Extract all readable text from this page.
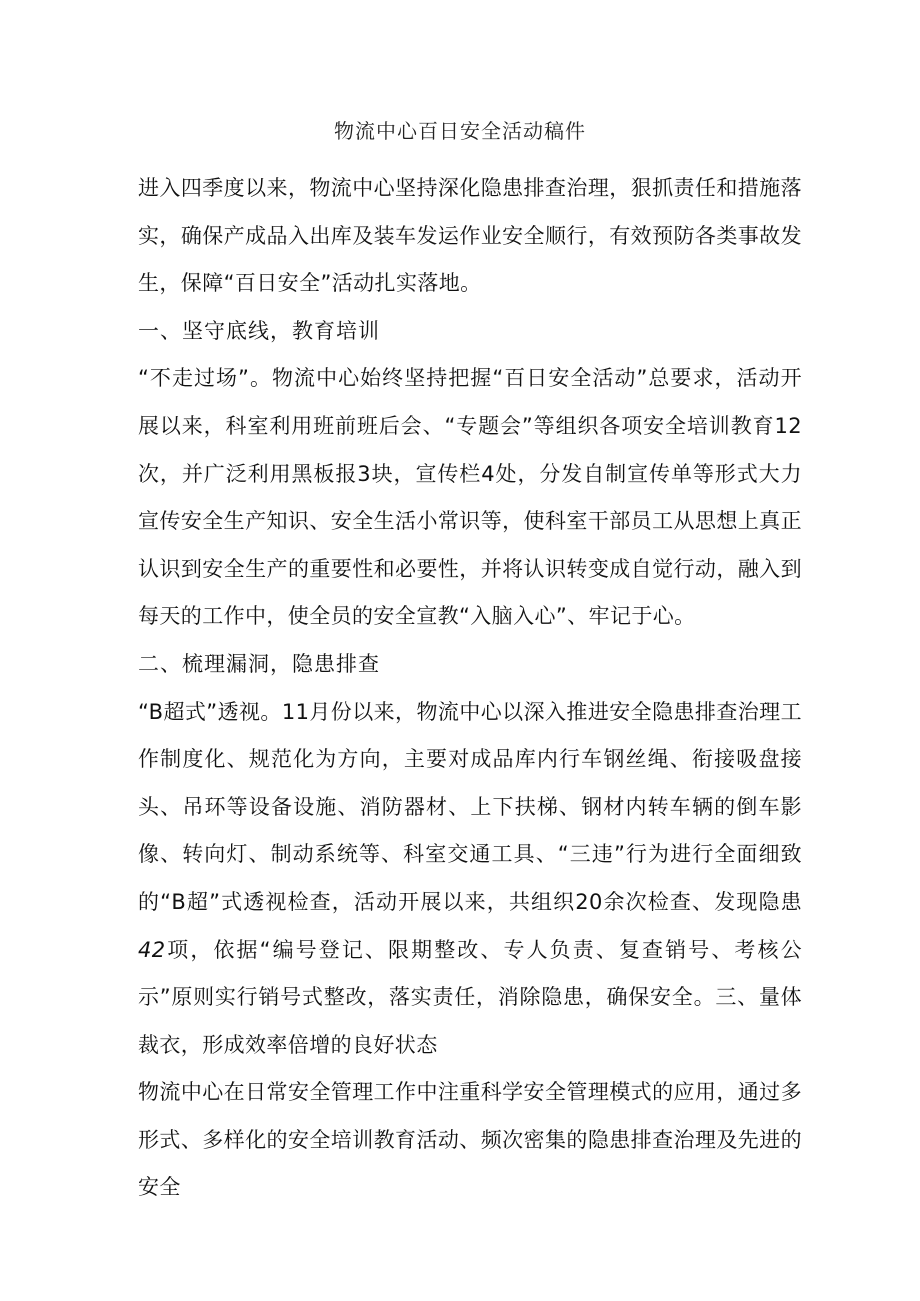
物流中心百日安全活动稿件

进入四季度以来，物流中心坚持深化隐患排查治理，狠抓责任和措施落实，确保产成品入出库及装车发运作业安全顺行，有效预防各类事故发生，保障“百日安全”活动扎实落地。

一、坚守底线，教育培训

“不走过场”。物流中心始终坚持把握“百日安全活动”总要求，活动开展以来，科室利用班前班后会、“专题会”等组织各项安全培训教育12次，并广泛利用黑板报3块，宣传栏4处，分发自制宣传单等形式大力宣传安全生产知识、安全生活小常识等，使科室干部员工从思想上真正认识到安全生产的重要性和必要性，并将认识转变成自觉行动，融入到每天的工作中，使全员的安全宣教“入脑入心”、牢记于心。

二、梳理漏洞，隐患排查

“B超式”透视。11月份以来，物流中心以深入推进安全隐患排查治理工作制度化、规范化为方向，主要对成品库内行车钢丝绳、衔接吸盘接头、吊环等设备设施、消防器材、上下扶梯、钢材内转车辆的倒车影像、转向灯、制动系统等、科室交通工具、“三违”行为进行全面细致的“B超”式透视检查，活动开展以来，共组织20余次检查、发现隐患42项，依据“编号登记、限期整改、专人负责、复查销号、考核公示”原则实行销号式整改，落实责任，消除隐患，确保安全。三、量体裁衣，形成效率倍增的良好状态

物流中心在日常安全管理工作中注重科学安全管理模式的应用，通过多形式、多样化的安全培训教育活动、频次密集的隐患排查治理及先进的安全
